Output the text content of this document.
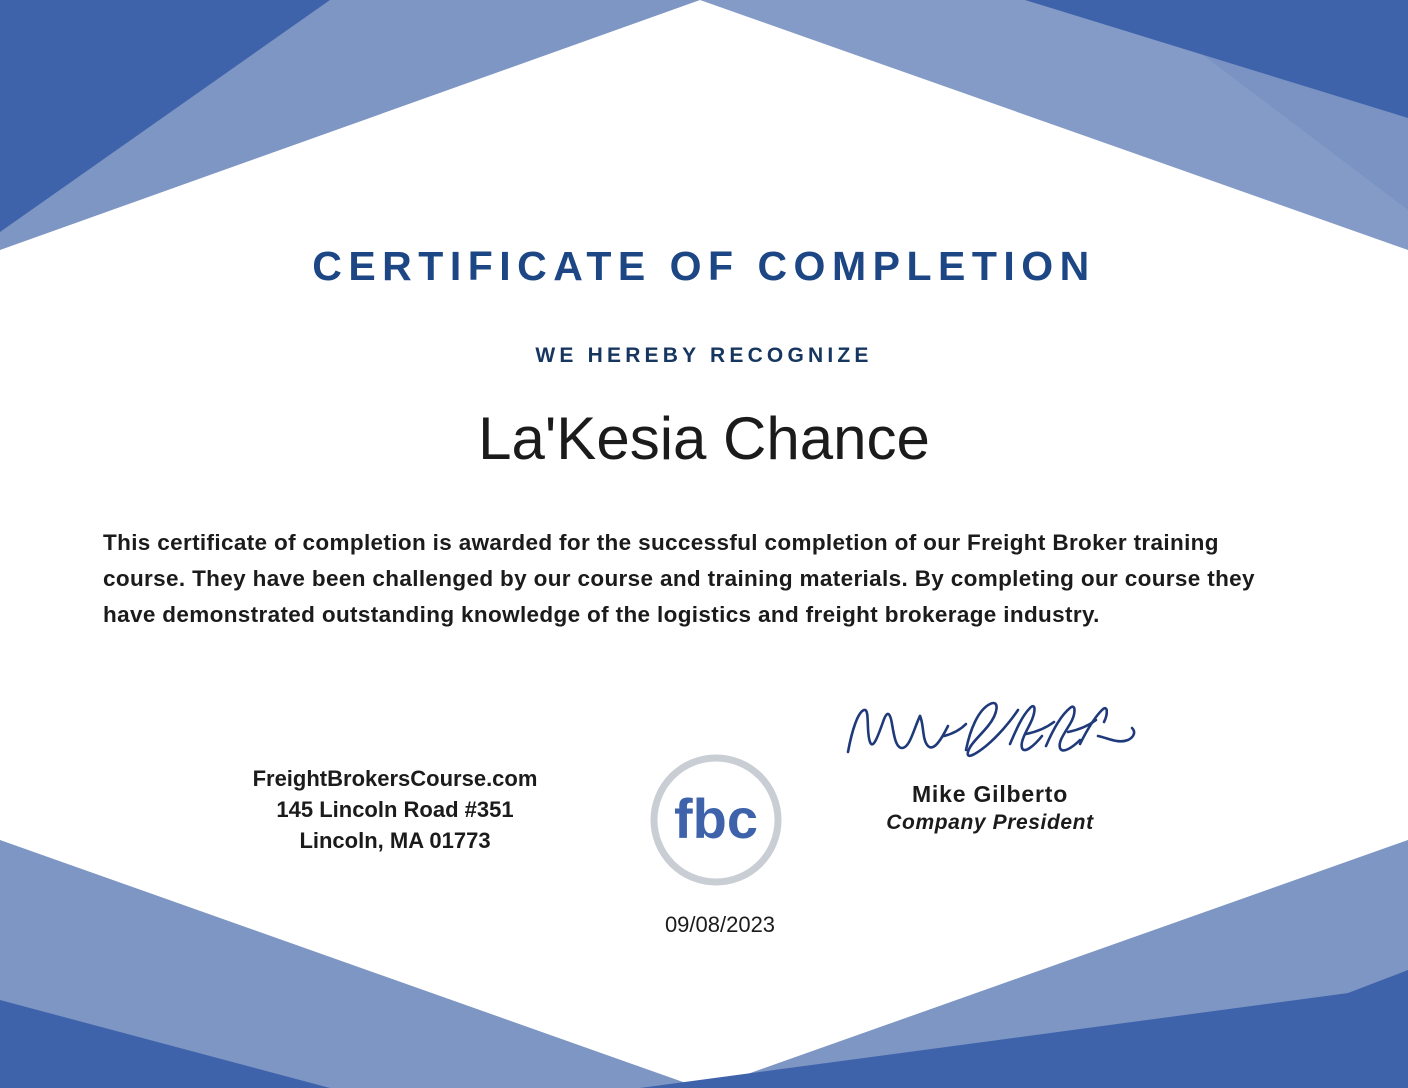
CERTIFICATE OF COMPLETION
WE HEREBY RECOGNIZE
La'Kesia Chance
This certificate of completion is awarded for the successful completion of our Freight Broker training course. They have been challenged by our course and training materials. By completing our course they have demonstrated outstanding knowledge of the logistics and freight brokerage industry.
FreightBrokersCourse.com
145 Lincoln Road #351
Lincoln, MA 01773	fbc	Mike Gilberto
Company President
09/08/2023
